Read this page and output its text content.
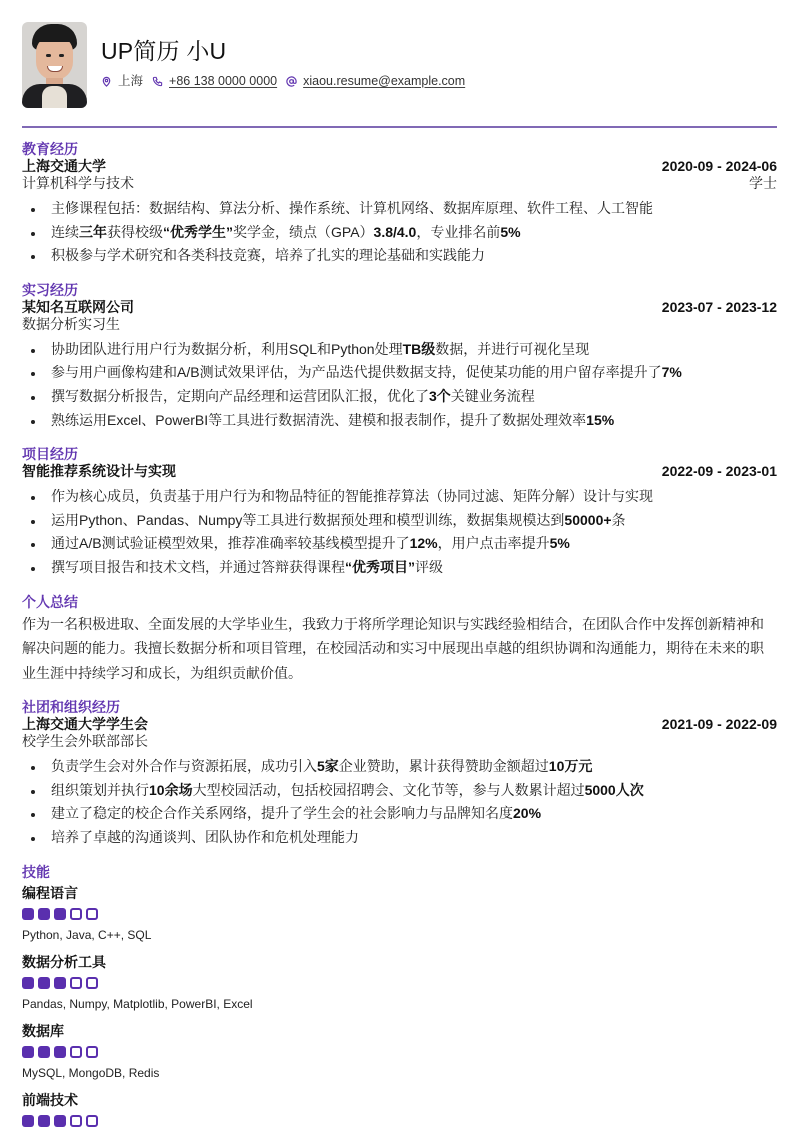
UP简历 小U
上海 +86 138 0000 0000 xiaou.resume@example.com
教育经历
上海交通大学	2020-09 - 2024-06
计算机科学与技术	学士
主修课程包括：数据结构、算法分析、操作系统、计算机网络、数据库原理、软件工程、人工智能
连续三年获得校级“优秀学生”奖学金，绩点（GPA）3.8/4.0，专业排名前5%
积极参与学术研究和各类科技竞赛，培养了扎实的理论基础和实践能力
实习经历
某知名互联网公司	2023-07 - 2023-12
数据分析实习生
协助团队进行用户行为数据分析，利用SQL和Python处理TB级数据，并进行可视化呈现
参与用户画像构建和A/B测试效果评估，为产品迭代提供数据支持，促使某功能的用户留存率提升了7%
撰写数据分析报告，定期向产品经理和运营团队汇报，优化了3个关键业务流程
熟练运用Excel、PowerBI等工具进行数据清洗、建模和报表制作，提升了数据处理效率15%
项目经历
智能推荐系统设计与实现	2022-09 - 2023-01
作为核心成员，负责基于用户行为和物品特征的智能推荐算法（协同过滤、矩阵分解）设计与实现
运用Python、Pandas、Numpy等工具进行数据预处理和模型训练，数据集规模达到50000+条
通过A/B测试验证模型效果，推荐准确率较基线模型提升了12%，用户点击率提升5%
撰写项目报告和技术文档，并通过答辩获得课程“优秀项目”评级
个人总结
作为一名积极进取、全面发展的大学毕业生，我致力于将所学理论知识与实践经验相结合，在团队合作中发挥创新精神和解决问题的能力。我擅长数据分析和项目管理，在校园活动和实习中展现出卓越的组织协调和沟通能力，期待在未来的职业生涯中持续学习和成长，为组织贡献价值。
社团和组织经历
上海交通大学学生会	2021-09 - 2022-09
校学生会外联部部长
负责学生会对外合作与资源拓展，成功引入5家企业赞助，累计获得赞助金额超过10万元
组织策划并执行10余场大型校园活动，包括校园招聘会、文化节等，参与人数累计超过5000人次
建立了稳定的校企合作关系网络，提升了学生会的社会影响力与品牌知名度20%
培养了卓越的沟通谈判、团队协作和危机处理能力
技能
编程语言
Python, Java, C++, SQL
数据分析工具
Pandas, Numpy, Matplotlib, PowerBI, Excel
数据库
MySQL, MongoDB, Redis
前端技术
